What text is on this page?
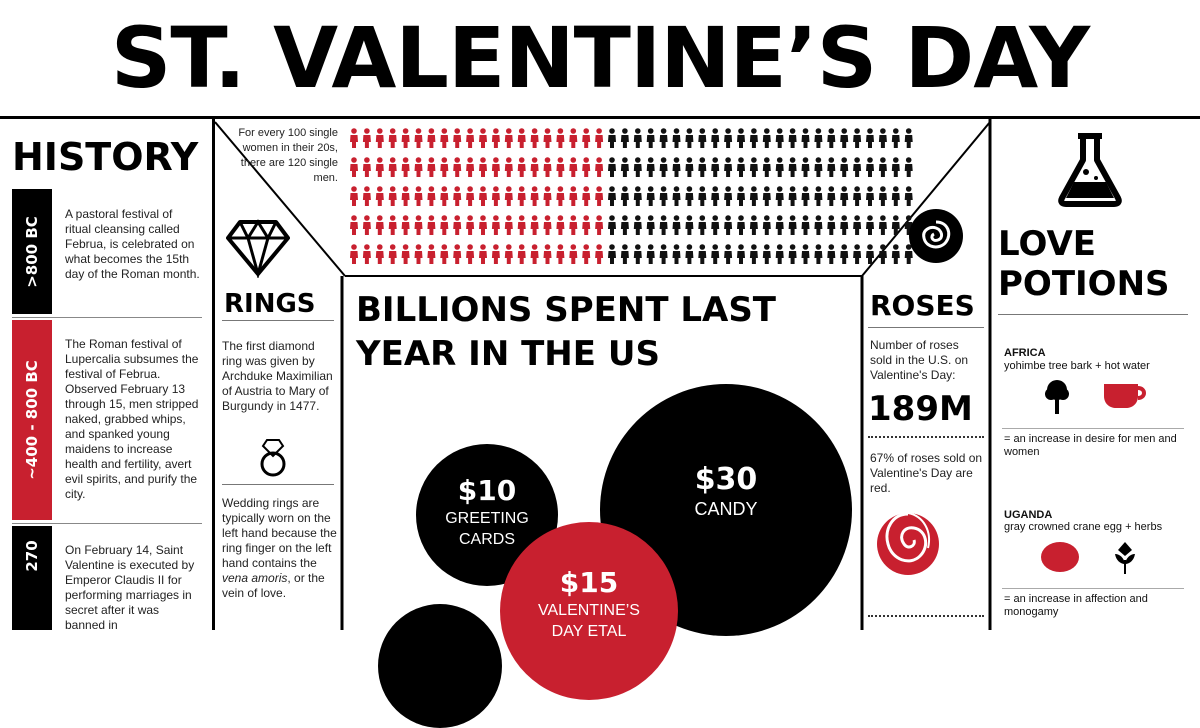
ST. VALENTINE’S DAY
HISTORY
>800 BC
A pastoral festival of ritual cleansing called Februa, is celebrated on what becomes the 15th day of the Roman month.
~400 - 800 BC
The Roman festival of Lupercalia subsumes the festival of Februa. Observed February 13 through 15, men stripped naked, grabbed whips, and spanked young maidens to increase health and fertility, avert evil spirits, and purify the city.
270 On February 14, Saint Valentine is executed by Emperor Claudis II for performing marriages in secret after it was banned in
For every 100 single women in their 20s, there are 120 single men.
RINGS
The first diamond ring was given by Archduke Maximilian of Austria to Mary of Burgundy in 1477.
Wedding rings are typically worn on the left hand because the ring finger on the left hand contains the vena amoris, or the vein of love.
BILLIONS SPENT LAST
YEAR IN THE US
$30
CANDY
$10
GREETING
CARDS
$15
VALENTINE’S
DAY ETAL
ROSES
Number of roses sold in the U.S. on Valentine's Day:
189M
67% of roses sold on Valentine's Day are red.
LOVE
POTIONS
AFRICA
yohimbe tree bark + hot water
= an increase in desire for men and women
UGANDA
gray crowned crane egg + herbs
= an increase in affection and monogamy
